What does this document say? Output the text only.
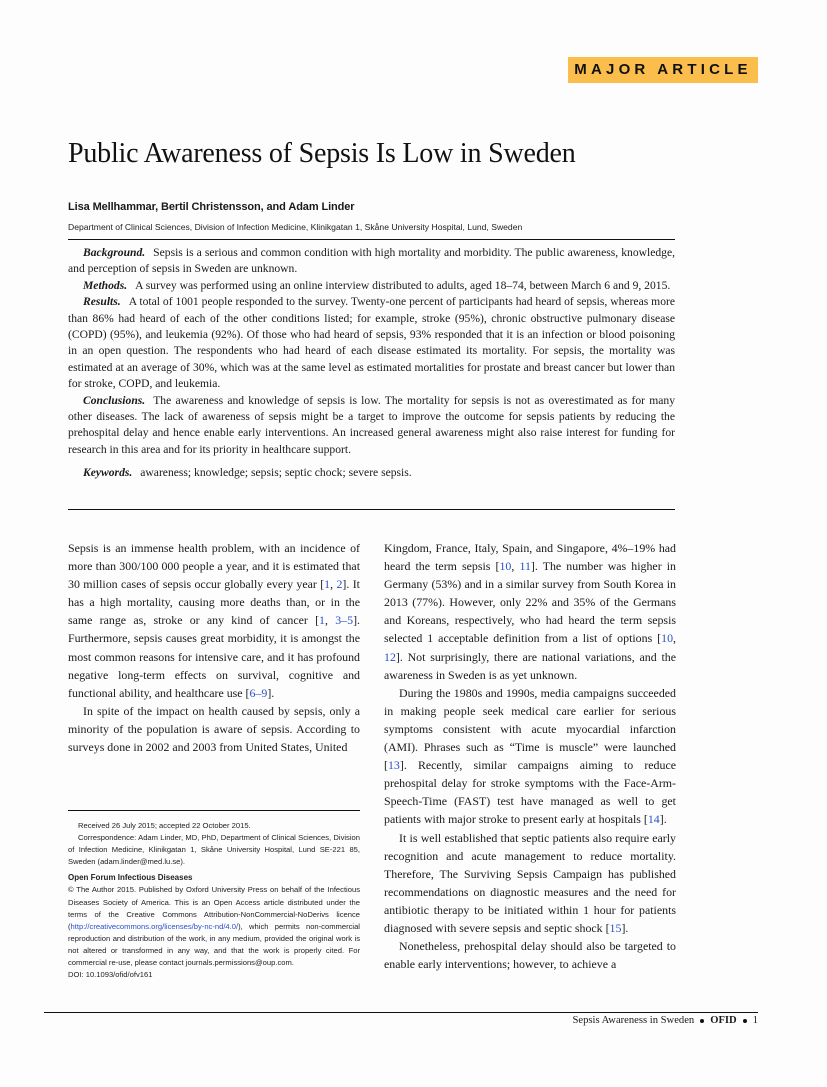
MAJOR ARTICLE
Public Awareness of Sepsis Is Low in Sweden
Lisa Mellhammar, Bertil Christensson, and Adam Linder
Department of Clinical Sciences, Division of Infection Medicine, Klinikgatan 1, Skåne University Hospital, Lund, Sweden

Background. Sepsis is a serious and common condition with high mortality and morbidity. The public awareness, knowledge, and perception of sepsis in Sweden are unknown.

Methods. A survey was performed using an online interview distributed to adults, aged 18–74, between March 6 and 9, 2015.

Results. A total of 1001 people responded to the survey. Twenty-one percent of participants had heard of sepsis, whereas more than 86% had heard of each of the other conditions listed; for example, stroke (95%), chronic obstructive pulmonary disease (COPD) (95%), and leukemia (92%). Of those who had heard of sepsis, 93% responded that it is an infection or blood poisoning in an open question. The respondents who had heard of each disease estimated its mortality. For sepsis, the mortality was estimated at an average of 30%, which was at the same level as estimated mortalities for prostate and breast cancer but lower than for stroke, COPD, and leukemia.

Conclusions. The awareness and knowledge of sepsis is low. The mortality for sepsis is not as overestimated as for many other diseases. The lack of awareness of sepsis might be a target to improve the outcome for sepsis patients by reducing the prehospital delay and hence enable early interventions. An increased general awareness might also raise interest for funding for research in this area and for its priority in healthcare support.

Keywords. awareness; knowledge; sepsis; septic chock; severe sepsis.

Sepsis is an immense health problem, with an incidence of more than 300/100 000 people a year, and it is estimated that 30 million cases of sepsis occur globally every year [1, 2]. It has a high mortality, causing more deaths than, or in the same range as, stroke or any kind of cancer [1, 3–5]. Furthermore, sepsis causes great morbidity, it is amongst the most common reasons for intensive care, and it has profound negative long-term effects on survival, cognitive and functional ability, and healthcare use [6–9].

In spite of the impact on health caused by sepsis, only a minority of the population is aware of sepsis. According to surveys done in 2002 and 2003 from United States, United

Received 26 July 2015; accepted 22 October 2015.

Correspondence: Adam Linder, MD, PhD, Department of Clinical Sciences, Division of Infection Medicine, Klinikgatan 1, Skåne University Hospital, Lund SE-221 85, Sweden (adam.linder@med.lu.se).

Open Forum Infectious Diseases

© The Author 2015. Published by Oxford University Press on behalf of the Infectious Diseases Society of America. This is an Open Access article distributed under the terms of the Creative Commons Attribution-NonCommercial-NoDerivs licence (http://creativecommons.org/licenses/by-nc-nd/4.0/), which permits non-commercial reproduction and distribution of the work, in any medium, provided the original work is not altered or transformed in any way, and that the work is properly cited. For commercial re-use, please contact journals.permissions@oup.com.

DOI: 10.1093/ofid/ofv161

Kingdom, France, Italy, Spain, and Singapore, 4%–19% had heard the term sepsis [10, 11]. The number was higher in Germany (53%) and in a similar survey from South Korea in 2013 (77%). However, only 22% and 35% of the Germans and Koreans, respectively, who had heard the term sepsis selected 1 acceptable definition from a list of options [10, 12]. Not surprisingly, there are national variations, and the awareness in Sweden is as yet unknown.

During the 1980s and 1990s, media campaigns succeeded in making people seek medical care earlier for serious symptoms consistent with acute myocardial infarction (AMI). Phrases such as “Time is muscle” were launched [13]. Recently, similar campaigns aiming to reduce prehospital delay for stroke symptoms with the Face-Arm-Speech-Time (FAST) test have managed as well to get patients with major stroke to present early at hospitals [14].

It is well established that septic patients also require early recognition and acute management to reduce mortality. Therefore, The Surviving Sepsis Campaign has published recommendations on diagnostic measures and the need for antibiotic therapy to be initiated within 1 hour for patients diagnosed with severe sepsis and septic shock [15].

Nonetheless, prehospital delay should also be targeted to enable early interventions; however, to achieve a

Sepsis Awareness in Sweden OFID 1
